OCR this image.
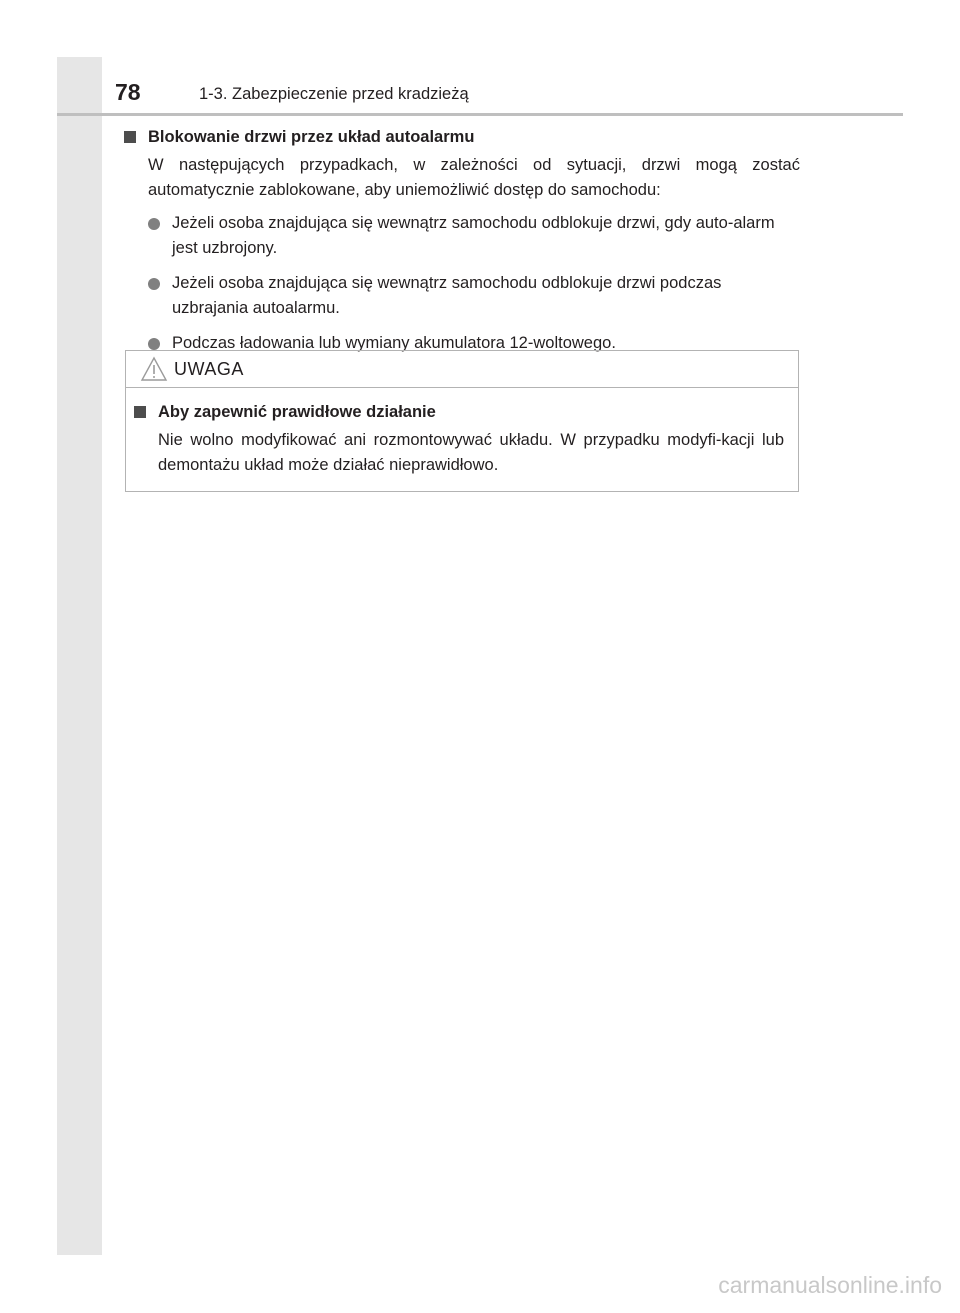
78	1-3. Zabezpieczenie przed kradzieżą
Blokowanie drzwi przez układ autoalarmu

W następujących przypadkach, w zależności od sytuacji, drzwi mogą zostać automatycznie zablokowane, aby uniemożliwić dostęp do samochodu:

Jeżeli osoba znajdująca się wewnątrz samochodu odblokuje drzwi, gdy auto-alarm jest uzbrojony.
Jeżeli osoba znajdująca się wewnątrz samochodu odblokuje drzwi podczas uzbrajania autoalarmu.
Podczas ładowania lub wymiany akumulatora 12-woltowego.
UWAGA
Aby zapewnić prawidłowe działanie

Nie wolno modyfikować ani rozmontowywać układu. W przypadku modyfi-kacji lub demontażu układ może działać nieprawidłowo.

carmanualsonline.info
